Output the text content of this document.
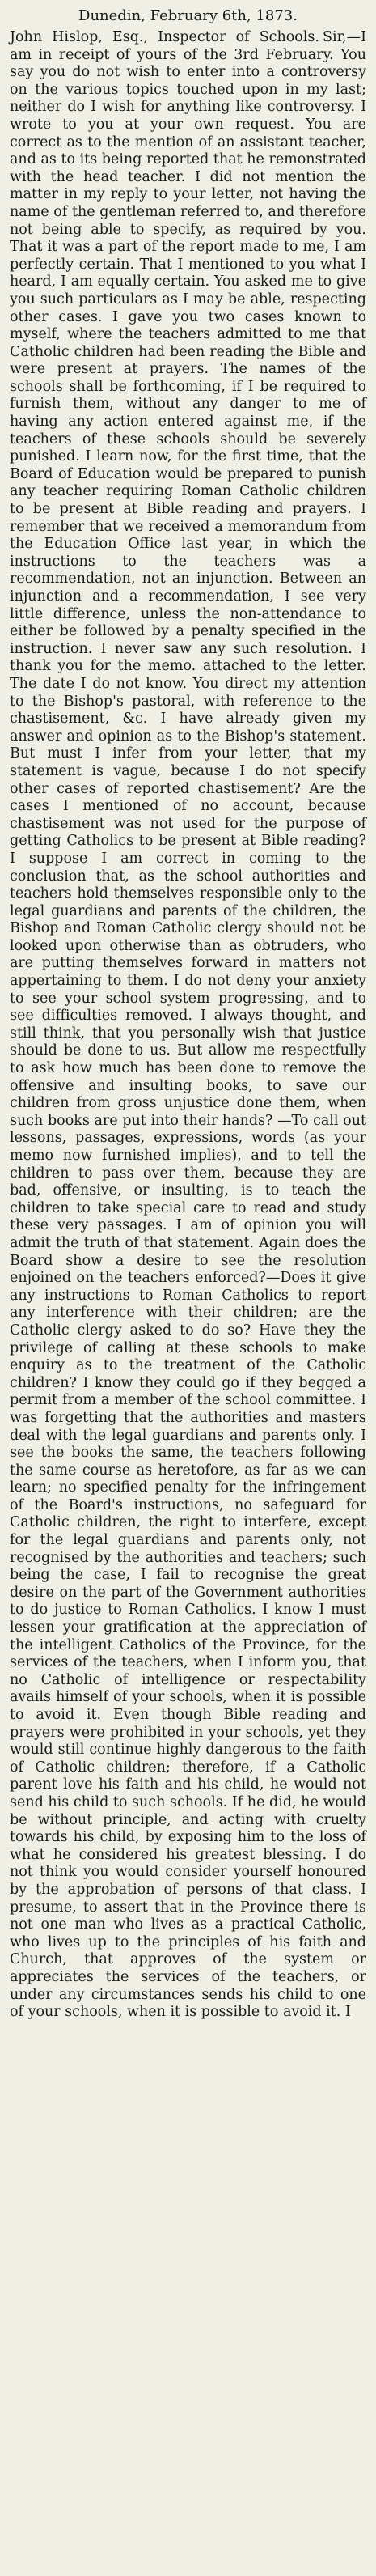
Dunedin, February 6th, 1873.

John Hislop, Esq., Inspector of Schools. Sir,—I am in receipt of yours of the 3rd February. You say you do not wish to enter into a controversy on the various topics touched upon in my last; neither do I wish for anything like controversy. I wrote to you at your own request. You are correct as to the mention of an assistant teacher, and as to its being reported that he remonstrated with the head teacher. I did not mention the matter in my reply to your letter, not having the name of the gentleman referred to, and therefore not being able to specify, as required by you. That it was a part of the report made to me, I am perfectly certain. That I mentioned to you what I heard, I am equally certain. You asked me to give you such particulars as I may be able, respecting other cases. I gave you two cases known to myself, where the teachers admitted to me that Catholic children had been reading the Bible and were present at prayers. The names of the schools shall be forthcoming, if I be required to furnish them, without any danger to me of having any action entered against me, if the teachers of these schools should be severely punished. I learn now, for the first time, that the Board of Education would be prepared to punish any teacher requiring Roman Catholic children to be present at Bible reading and prayers. I remember that we received a memorandum from the Education Office last year, in which the instructions to the teachers was a recommendation, not an injunction. Between an injunction and a recommendation, I see very little difference, unless the non-attendance to either be followed by a penalty specified in the instruction. I never saw any such resolution. I thank you for the memo. attached to the letter. The date I do not know. You direct my attention to the Bishop's pastoral, with reference to the chastisement, &c. I have already given my answer and opinion as to the Bishop's statement. But must I infer from your letter, that my statement is vague, because I do not specify other cases of reported chastisement? Are the cases I mentioned of no account, because chastisement was not used for the purpose of getting Catholics to be present at Bible reading? I suppose I am correct in coming to the conclusion that, as the school authorities and teachers hold themselves responsible only to the legal guardians and parents of the children, the Bishop and Roman Catholic clergy should not be looked upon otherwise than as obtruders, who are putting themselves forward in matters not appertaining to them. I do not deny your anxiety to see your school system progressing, and to see difficulties removed. I always thought, and still think, that you personally wish that justice should be done to us. But allow me respectfully to ask how much has been done to remove the offensive and insulting books, to save our children from gross unjustice done them, when such books are put into their hands? —To call out lessons, passages, expressions, words (as your memo now furnished implies), and to tell the children to pass over them, because they are bad, offensive, or insulting, is to teach the children to take special care to read and study these very passages. I am of opinion you will admit the truth of that statement. Again does the Board show a desire to see the resolution enjoined on the teachers enforced?—Does it give any instructions to Roman Catholics to report any interference with their children; are the Catholic clergy asked to do so? Have they the privilege of calling at these schools to make enquiry as to the treatment of the Catholic children? I know they could go if they begged a permit from a member of the school committee. I was forgetting that the authorities and masters deal with the legal guardians and parents only. I see the books the same, the teachers following the same course as heretofore, as far as we can learn; no specified penalty for the infringement of the Board's instructions, no safeguard for Catholic children, the right to interfere, except for the legal guardians and parents only, not recognised by the authorities and teachers; such being the case, I fail to recognise the great desire on the part of the Government authorities to do justice to Roman Catholics. I know I must lessen your gratification at the appreciation of the intelligent Catholics of the Province, for the services of the teachers, when I inform you, that no Catholic of intelligence or respectability avails himself of your schools, when it is possible to avoid it. Even though Bible reading and prayers were prohibited in your schools, yet they would still continue highly dangerous to the faith of Catholic children; therefore, if a Catholic parent love his faith and his child, he would not send his child to such schools. If he did, he would be without principle, and acting with cruelty towards his child, by exposing him to the loss of what he considered his greatest blessing. I do not think you would consider yourself honoured by the approbation of persons of that class. I presume, to assert that in the Province there is not one man who lives as a practical Catholic, who lives up to the principles of his faith and Church, that approves of the system or appreciates the services of the teachers, or under any circumstances sends his child to one of your schools, when it is possible to avoid it. I
